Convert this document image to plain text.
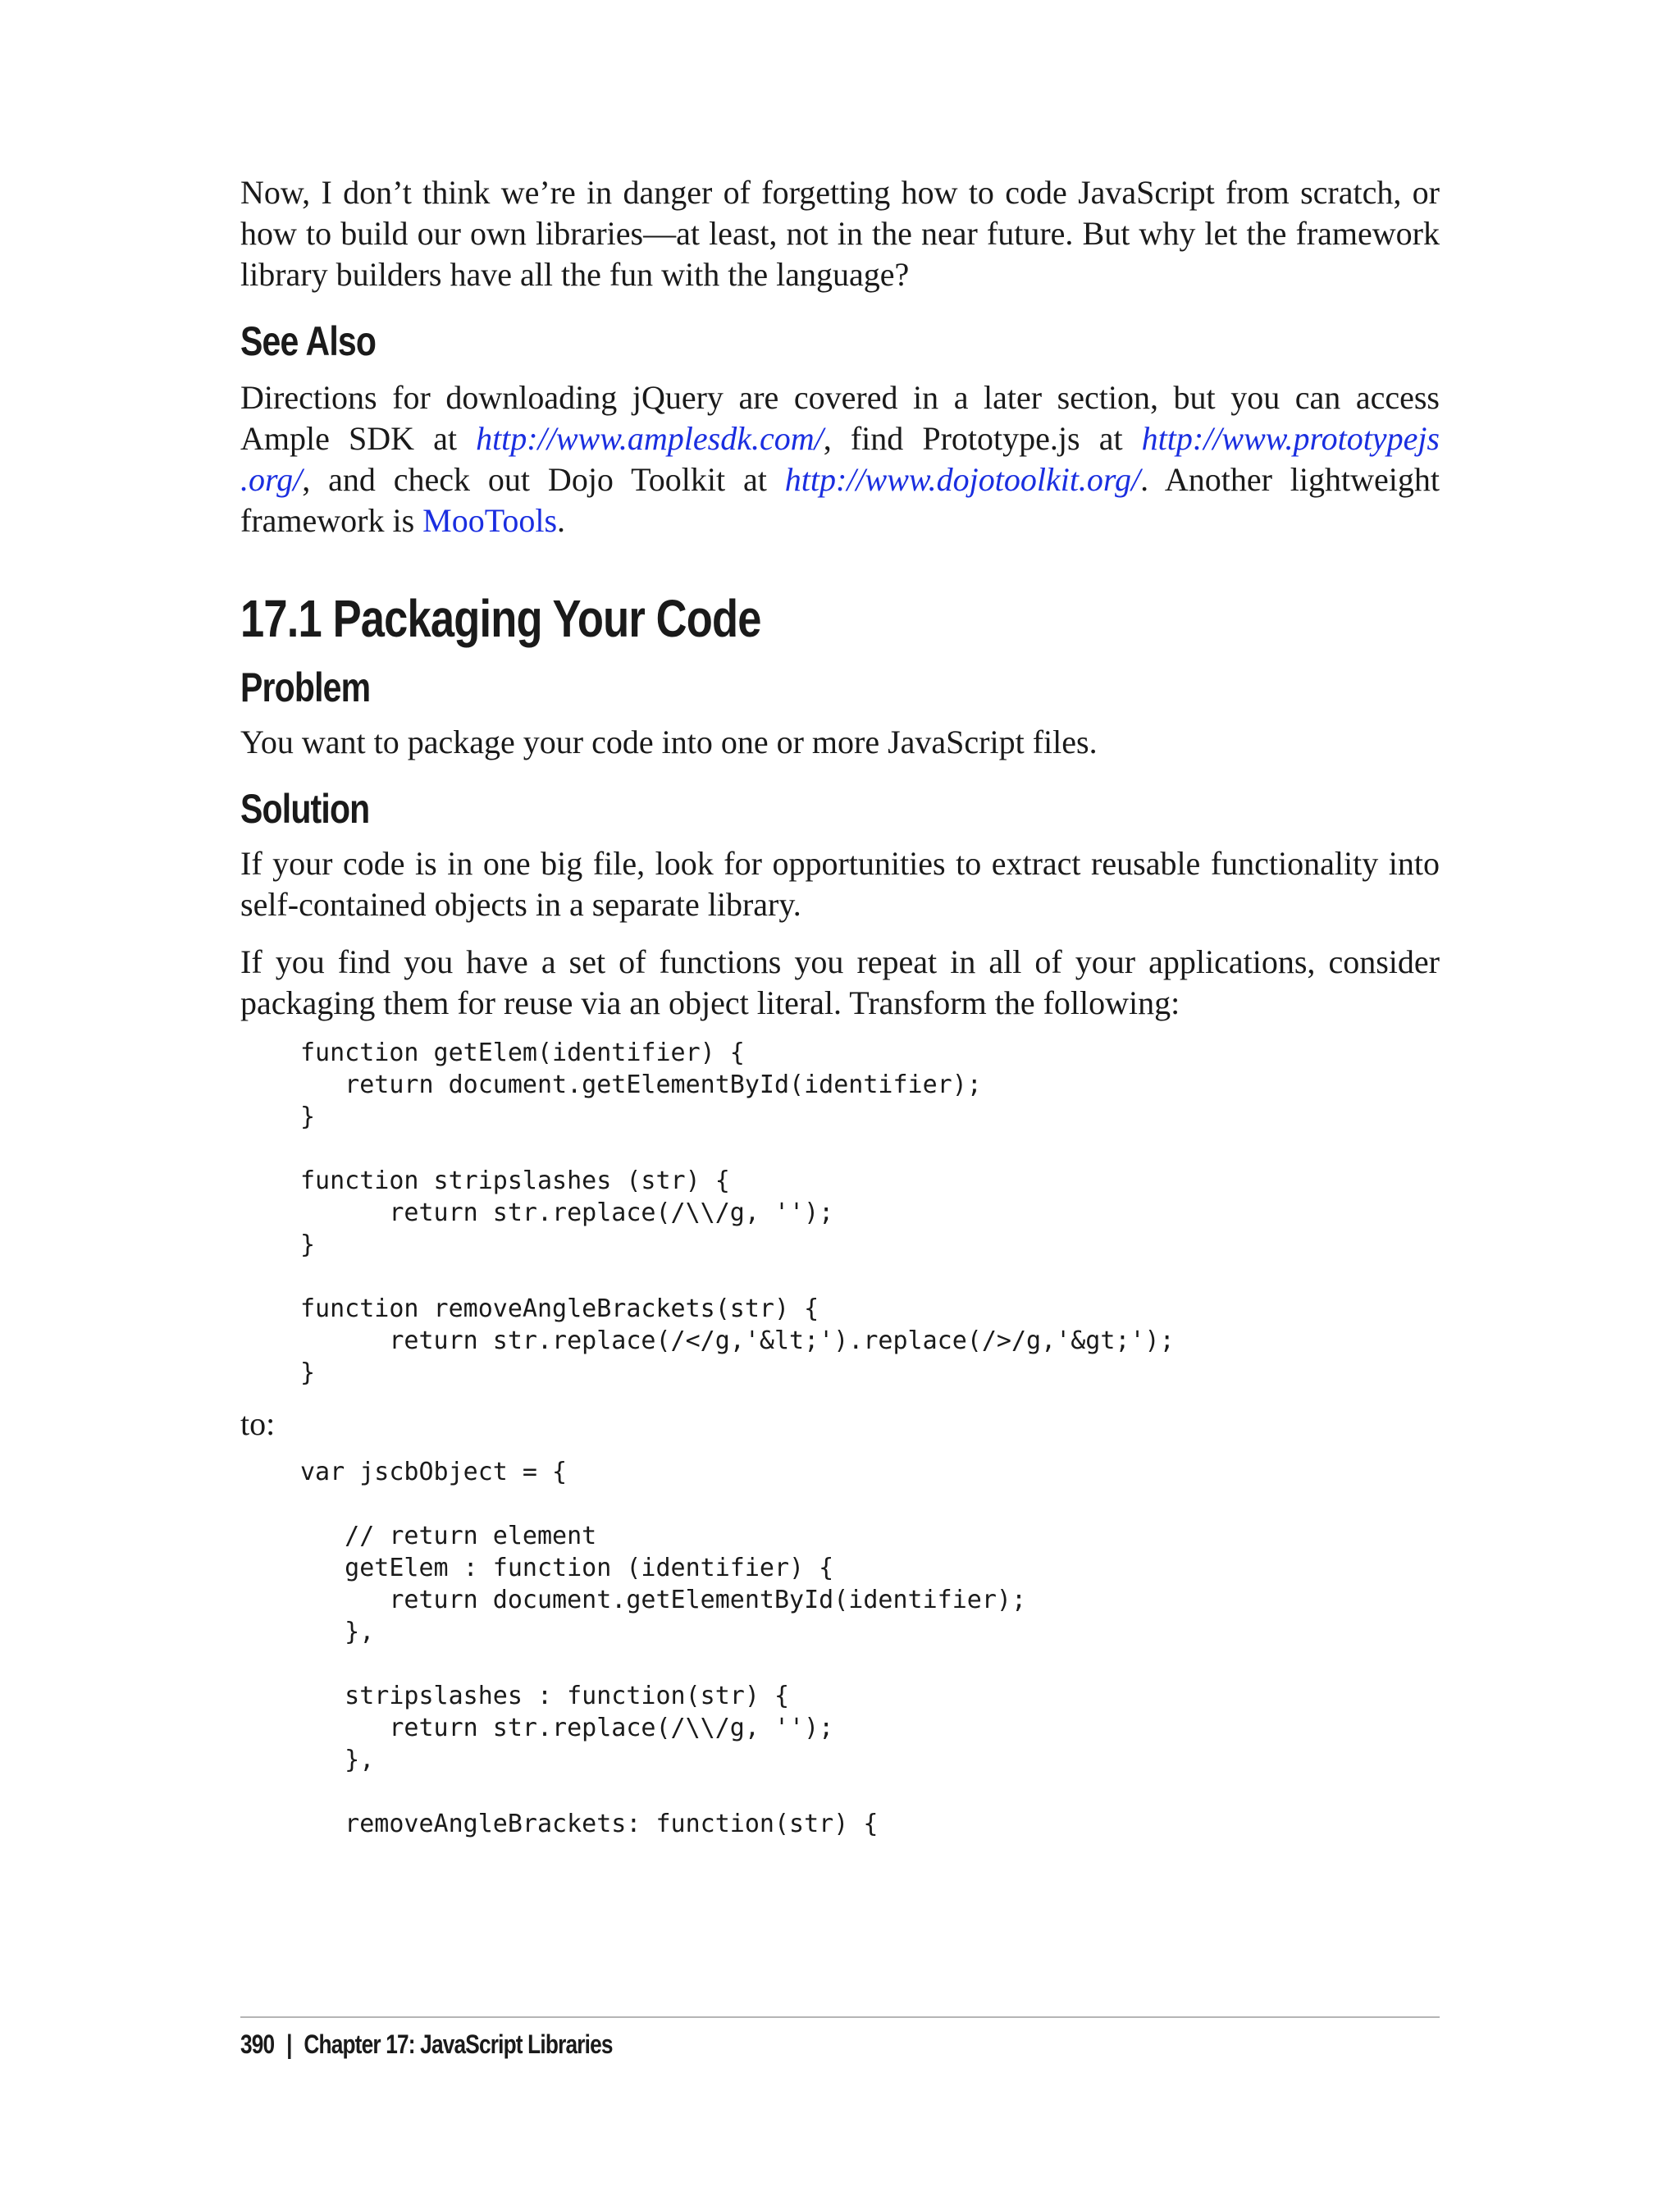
Now, I don’t think we’re in danger of forgetting how to code JavaScript from scratch, or how to build our own libraries—at least, not in the near future. But why let the framework library builders have all the fun with the language?

See Also

Directions for downloading jQuery are covered in a later section, but you can access Ample SDK at http://www.amplesdk.com/, find Prototype.js at http://www.prototypejs .org/, and check out Dojo Toolkit at http://www.dojotoolkit.org/. Another lightweight framework is MooTools.

17.1 Packaging Your Code
Problem

You want to package your code into one or more JavaScript files.

Solution

If your code is in one big file, look for opportunities to extract reusable functionality into self-contained objects in a separate library.

If you find you have a set of functions you repeat in all of your applications, consider packaging them for reuse via an object literal. Transform the following:

function getElem(identifier) {
return document.getElementById(identifier);
}

function stripslashes (str) {
return str.replace(/\\/g, '');
}

function removeAngleBrackets(str) {
return str.replace(/</g,'&lt;').replace(/>/g,'&gt;');
}

to:

var jscbObject = {

// return element
getElem : function (identifier) {
return document.getElementById(identifier);
},

stripslashes : function(str) {
return str.replace(/\\/g, '');
},

removeAngleBrackets: function(str) {
390 | Chapter 17: JavaScript Libraries
